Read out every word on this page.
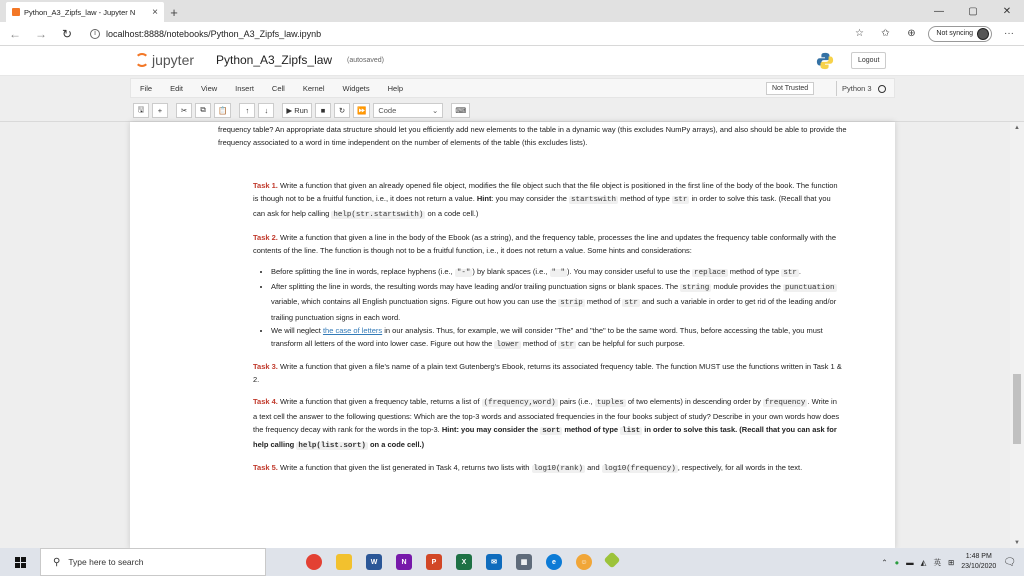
Python_A3_Zipfs_law - Jupyter N	× +	—	▢	✕
← →	↻	i	localhost:8888/notebooks/Python_A3_Zipfs_law.ipynb	☆	✩	⊕	Not syncing	···
jupyter Python_A3_Zipfs_law (autosaved)	Logout
File	Edit	View	Insert	Cell	Kernel	Widgets	Help	Not Trusted	Python 3
🖫	+	✂	⧉	📋	↑	↓	▶ Run	■	↻	⏩	Code	⌄	⌨
frequency table? An appropriate data structure should let you efficiently add new elements to the table in a dynamic way (this excludes NumPy arrays), and also should be able to provide the frequency associated to a word in time independent on the number of elements of the table (this excludes lists).
Task 1. Write a function that given an already opened file object, modifies the file object such that the file object is positioned in the first line of the body of the book. The function is though not to be a fruitful function, i.e., it does not return a value. Hint: you may consider the startswith method of type str in order to solve this task. (Recall that you can ask for help calling help(str.startswith) on a code cell.)
Task 2. Write a function that given a line in the body of the Ebook (as a string), and the frequency table, processes the line and updates the frequency table conformally with the contents of the line. The function is though not to be a fruitful function, i.e., it does not return a value. Some hints and considerations:
• Before splitting the line in words, replace hyphens (i.e., "-" ) by blank spaces (i.e., " " ). You may consider useful to use the replace method of type str .
• After splitting the line in words, the resulting words may have leading and/or trailing punctuation signs or blank spaces. The string module provides the punctuation variable, which contains all English punctuation signs. Figure out how you can use the strip method of str and such a variable in order to get rid of the leading and/or trailing punctuation signs in each word.
• We will neglect the case of letters in our analysis. Thus, for example, we will consider "The" and "the" to be the same word. Thus, before accessing the table, you must transform all letters of the word into lower case. Figure out how the lower method of str can be helpful for such purpose.
Task 3. Write a function that given a file's name of a plain text Gutenberg's Ebook, returns its associated frequency table. The function MUST use the functions written in Task 1 & 2.
Task 4. Write a function that given a frequency table, returns a list of (frequency,word) pairs (i.e., tuples of two elements) in descending order by frequency . Write in a text cell the answer to the following questions: Which are the top-3 words and associated frequencies in the four books subject of study? Describe in your own words how does the frequency decay with rank for the words in the top-3. Hint: you may consider the sort method of type list in order to solve this task. (Recall that you can ask for help calling help(list.sort) on a code cell.)
Task 5. Write a function that given the list generated in Task 4, returns two lists with log10(rank) and log10(frequency) , respectively, for all words in the text.
▲
▼
⚲ Type here to search	W	N	P	X	✉	▦	e	☺	⌃ ● ▬ ◭ 英 ⊞
1:48 PM
23/10/2020 🗨
